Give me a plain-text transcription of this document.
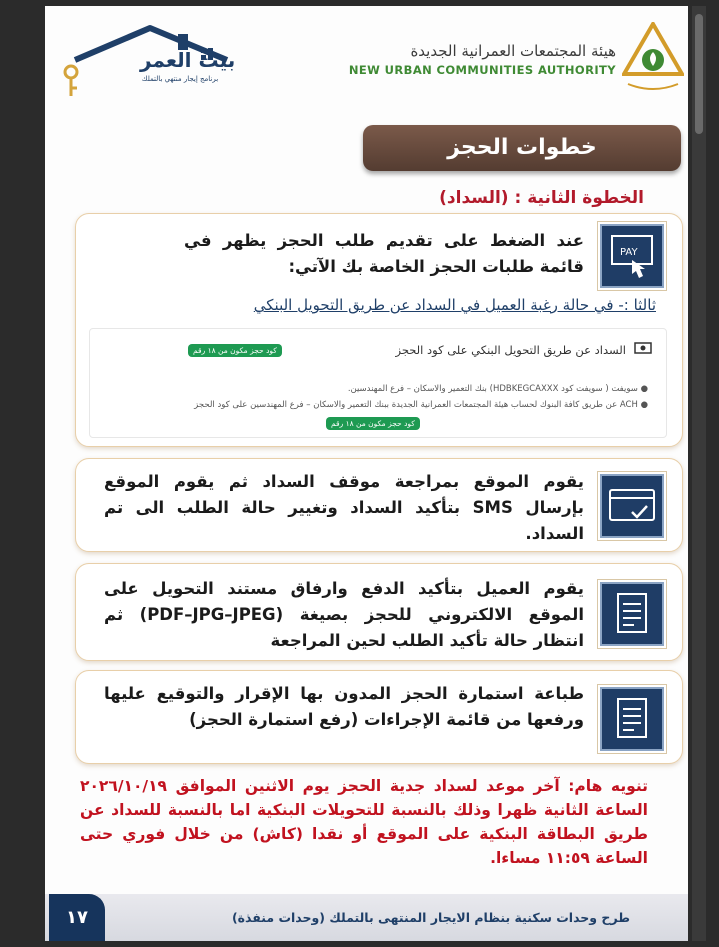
بيت العمر
برنامج إيجار منتهي بالتملك
هيئة المجتمعات العمرانية الجديدة
NEW URBAN COMMUNITIES AUTHORITY
خطوات الحجز
الخطوة الثانية : (السداد)
PAY
عند الضغط على تقديم طلب الحجز يظهر في قائمة طلبات الحجز الخاصة بك الآتي:
ثالثا :- في حالة رغبة العميل في السداد عن طريق التحويل البنكي
السداد عن طريق التحويل البنكي على كود الحجز
كود حجز مكون من ١٨ رقم
● سويفت ( سويفت كود HDBKEGCAXXX) بنك التعمير والاسكان – فرع المهندسين.
● ACH عن طريق كافة البنوك لحساب هيئة المجتمعات العمرانية الجديدة ببنك التعمير والاسكان – فرع المهندسين على كود الحجز
كود حجز مكون من ١٨ رقم
يقوم الموقع بمراجعة موقف السداد ثم يقوم الموقع بإرسال SMS بتأكيد السداد وتغيير حالة الطلب الى تم السداد.
يقوم العميل بتأكيد الدفع وارفاق مستند التحويل على الموقع الالكتروني للحجز بصيغة (PDF–JPG–JPEG) ثم انتظار حالة تأكيد الطلب لحين المراجعة
طباعة استمارة الحجز المدون بها الإقرار والتوقيع عليها ورفعها من قائمة الإجراءات (رفع استمارة الحجز)
تنويه هام: آخر موعد لسداد جدية الحجز يوم الاثنين الموافق ٢٠٢٦/١٠/١٩ الساعة الثانية ظهرا وذلك بالنسبة للتحويلات البنكية اما بالنسبة للسداد عن طريق البطاقة البنكية على الموقع أو نقدا (كاش) من خلال فوري حتى الساعة ١١:٥٩ مساءا.
١٧	طرح وحدات سكنية بنظام الايجار المنتهى بالتملك (وحدات منفذة)
